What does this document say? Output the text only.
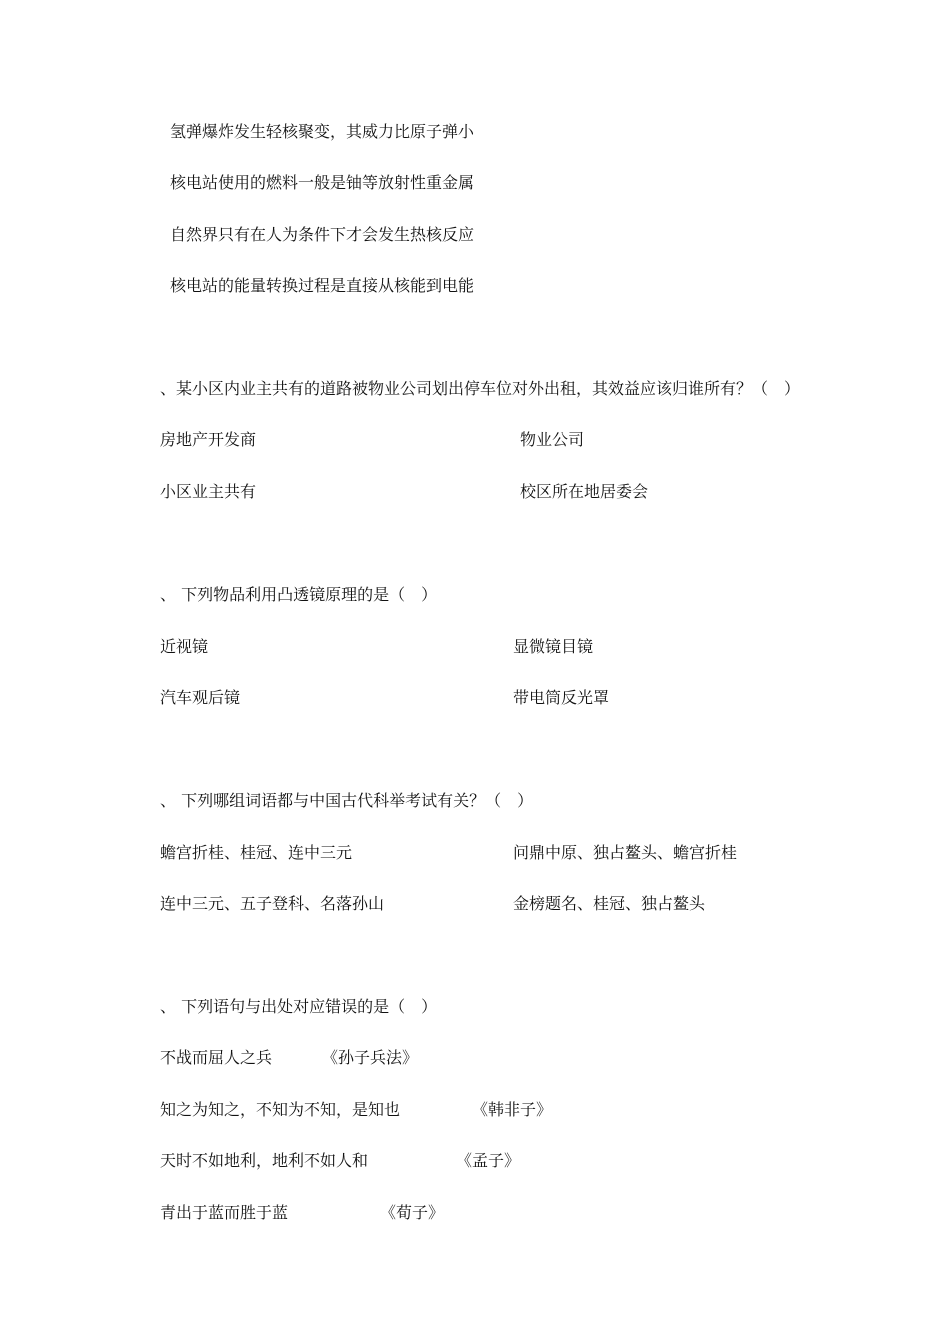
氢弹爆炸发生轻核聚变，其威力比原子弹小
核电站使用的燃料一般是铀等放射性重金属
自然界只有在人为条件下才会发生热核反应
核电站的能量转换过程是直接从核能到电能
、某小区内业主共有的道路被物业公司划出停车位对外出租，其效益应该归谁所有？（　）
房地产开发商	物业公司
小区业主共有	校区所在地居委会
、 下列物品利用凸透镜原理的是（　）
近视镜	显微镜目镜
汽车观后镜	带电筒反光罩
、 下列哪组词语都与中国古代科举考试有关？（　）
蟾宫折桂、桂冠、连中三元	问鼎中原、独占鳌头、蟾宫折桂
连中三元、五子登科、名落孙山	金榜题名、桂冠、独占鳌头
、 下列语句与出处对应错误的是（　）
不战而屈人之兵	《孙子兵法》
知之为知之，不知为不知，是知也	《韩非子》
天时不如地利，地利不如人和	《孟子》
青出于蓝而胜于蓝	《荀子》
